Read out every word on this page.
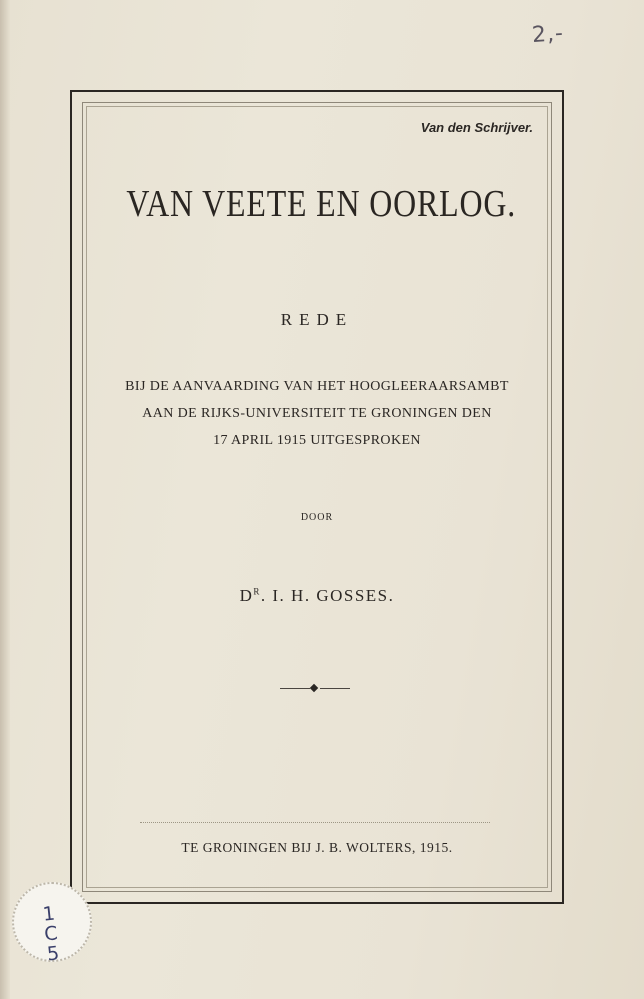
2,-
Van den Schrijver.
VAN VEETE EN OORLOG.
REDE
BIJ DE AANVAARDING VAN HET HOOGLEERAARSAMBT
AAN DE RIJKS-UNIVERSITEIT TE GRONINGEN DEN
17 APRIL 1915 UITGESPROKEN
DOOR
$D^R$. I. H. GOSSES.
TE GRONINGEN BIJ J. B. WOLTERS, 1915.
1
C
5
